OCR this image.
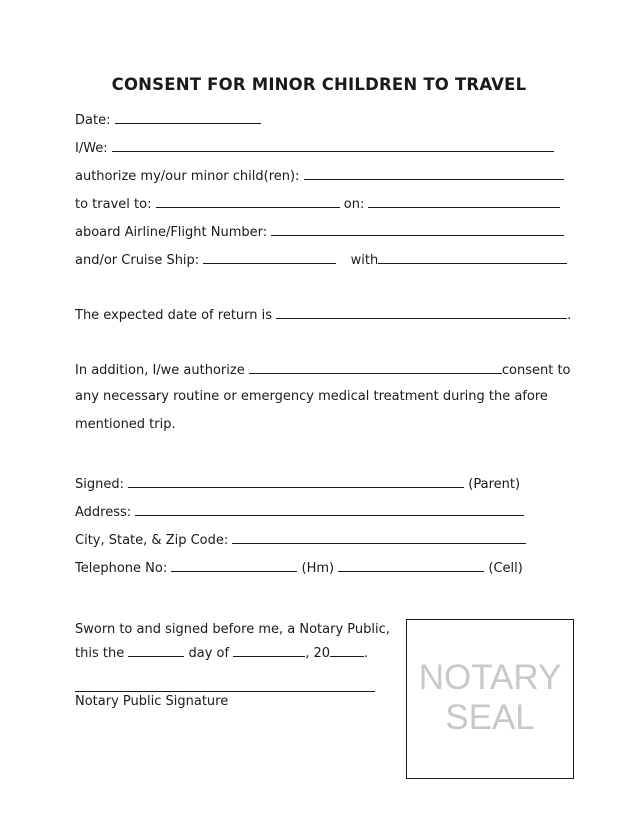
CONSENT FOR MINOR CHILDREN TO TRAVEL
Date:
I/We:
authorize my/our minor child(ren):
to travel to:	on:
aboard Airline/Flight Number:
and/or Cruise Ship:	with
The expected date of return is	.
In addition, I/we authorize	consent to
any necessary routine or emergency medical treatment during the afore
mentioned trip.
Signed:	(Parent)
Address:
City, State, & Zip Code:
Telephone No:	(Hm)	(Cell)
Sworn to and signed before me, a Notary Public,
this the	day of	, 20	.
Notary Public Signature
NOTARY
SEAL
